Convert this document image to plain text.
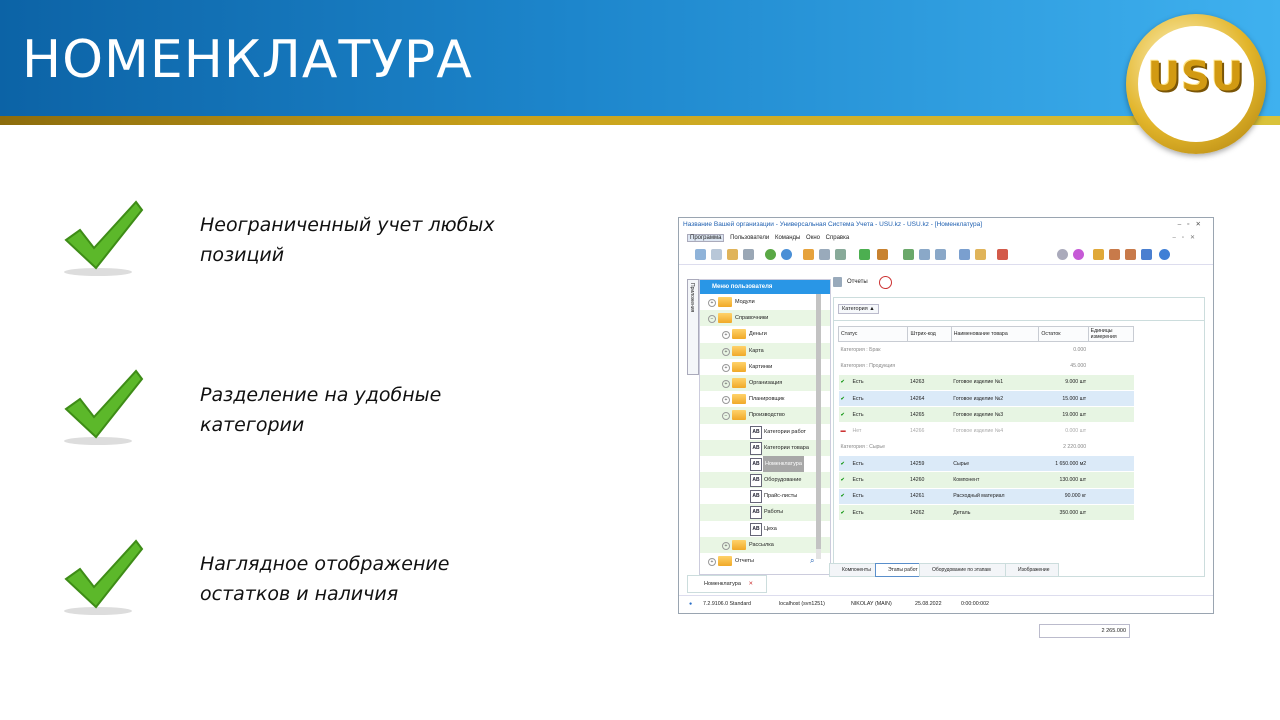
НОМЕНКЛАТУРА	USU
Неограниченный учет любых позиций
Разделение на удобные категории
Наглядное отображение остатков и наличия
Название Вашей организации - Универсальная Система Учета - USU.kz - USU.kz - [Номенклатура]	–▫✕
Программа Пользователи Команды Окно Справка	–▫✕
Приложения	Меню пользователя
+	Модули
−	Справочники
+	Деньги
+	Карта
+	Картинки
+	Организация
+	Планировщик
−	Производство
AB Категории работ
AB Категории товара
AB Номенклатура
AB Оборудование
AB Прайс-листы
AB Работы
AB Цеха
+	Рассылка
+	Отчеты	⌕
Отчеты
Категория ▲
Статус	Штрих-код	Наименование товара	Остаток	Единицы измерения
Категория : Брак			0.000	
Категория : Продукция			45.000	
✔ Есть	14263	Готовое изделие №1	9.000 шт	
✔ Есть	14264	Готовое изделие №2	15.000 шт	
✔ Есть	14265	Готовое изделие №3	19.000 шт	
▬ Нет	14266	Готовое изделие №4	0.000 шт	
Категория : Сырье			2 220.000	
✔ Есть	14259	Сырье	1 650.000 м2	
✔ Есть	14260	Компонент	130.000 шт	
✔ Есть	14261	Расходный материал	90.000 кг	
✔ Есть	14262	Деталь	350.000 шт	
2 265.000
Компоненты	Этапы работ	Оборудование по этапам	Изображение
Номенклатура ✕
● 7.2.9106.0 Standard	localhost (svn1251)	NIKOLAY (MAIN)	25.08.2022	0:00:00:002
